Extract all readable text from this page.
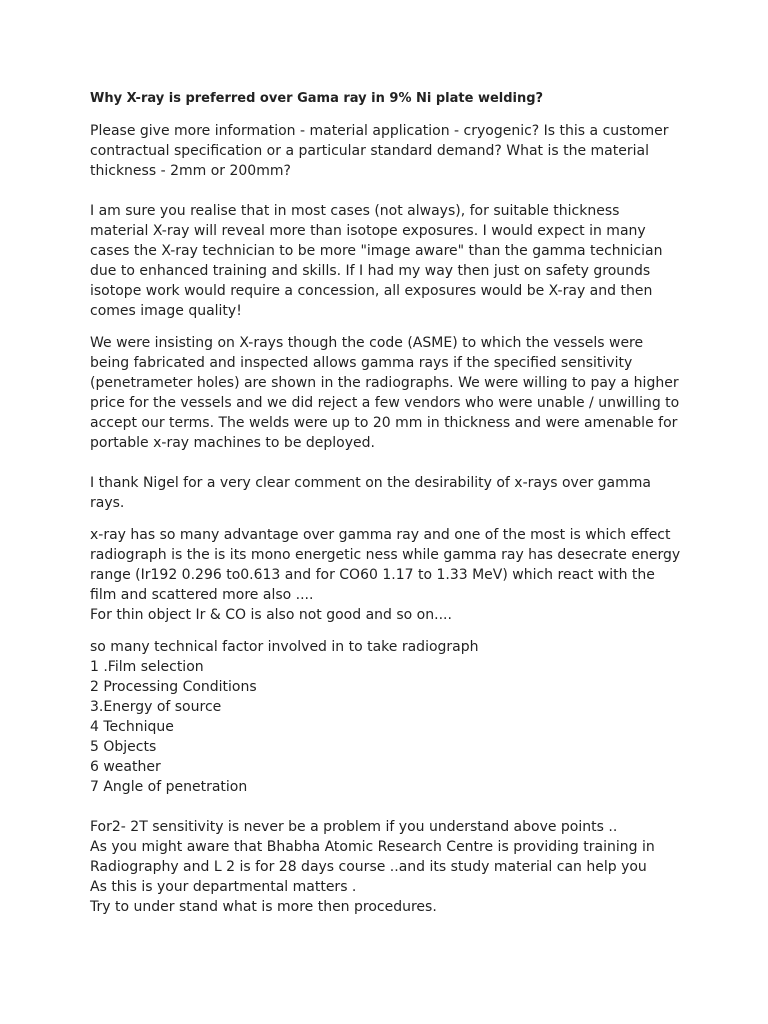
Why X-ray is preferred over Gama ray in 9% Ni plate welding?

Please give more information - material application - cryogenic? Is this a customer
contractual specification or a particular standard demand? What is the material
thickness - 2mm or 200mm?

I am sure you realise that in most cases (not always), for suitable thickness
material X-ray will reveal more than isotope exposures. I would expect in many
cases the X-ray technician to be more "image aware" than the gamma technician
due to enhanced training and skills. If I had my way then just on safety grounds
isotope work would require a concession, all exposures would be X-ray and then
comes image quality!

We were insisting on X-rays though the code (ASME) to which the vessels were
being fabricated and inspected allows gamma rays if the specified sensitivity
(penetrameter holes) are shown in the radiographs. We were willing to pay a higher
price for the vessels and we did reject a few vendors who were unable / unwilling to
accept our terms. The welds were up to 20 mm in thickness and were amenable for
portable x-ray machines to be deployed.

I thank Nigel for a very clear comment on the desirability of x-rays over gamma
rays.

x-ray has so many advantage over gamma ray and one of the most is which effect
radiograph is the is its mono energetic ness while gamma ray has desecrate energy
range (Ir192 0.296 to0.613 and for CO60 1.17 to 1.33 MeV) which react with the
film and scattered more also ....
For thin object Ir & CO is also not good and so on....

so many technical factor involved in to take radiograph
1 .Film selection
2 Processing Conditions
3.Energy of source
4 Technique
5 Objects
6 weather
7 Angle of penetration

For2- 2T sensitivity is never be a problem if you understand above points ..
As you might aware that Bhabha Atomic Research Centre is providing training in
Radiography and L 2 is for 28 days course ..and its study material can help you
As this is your departmental matters .
Try to under stand what is more then procedures.
